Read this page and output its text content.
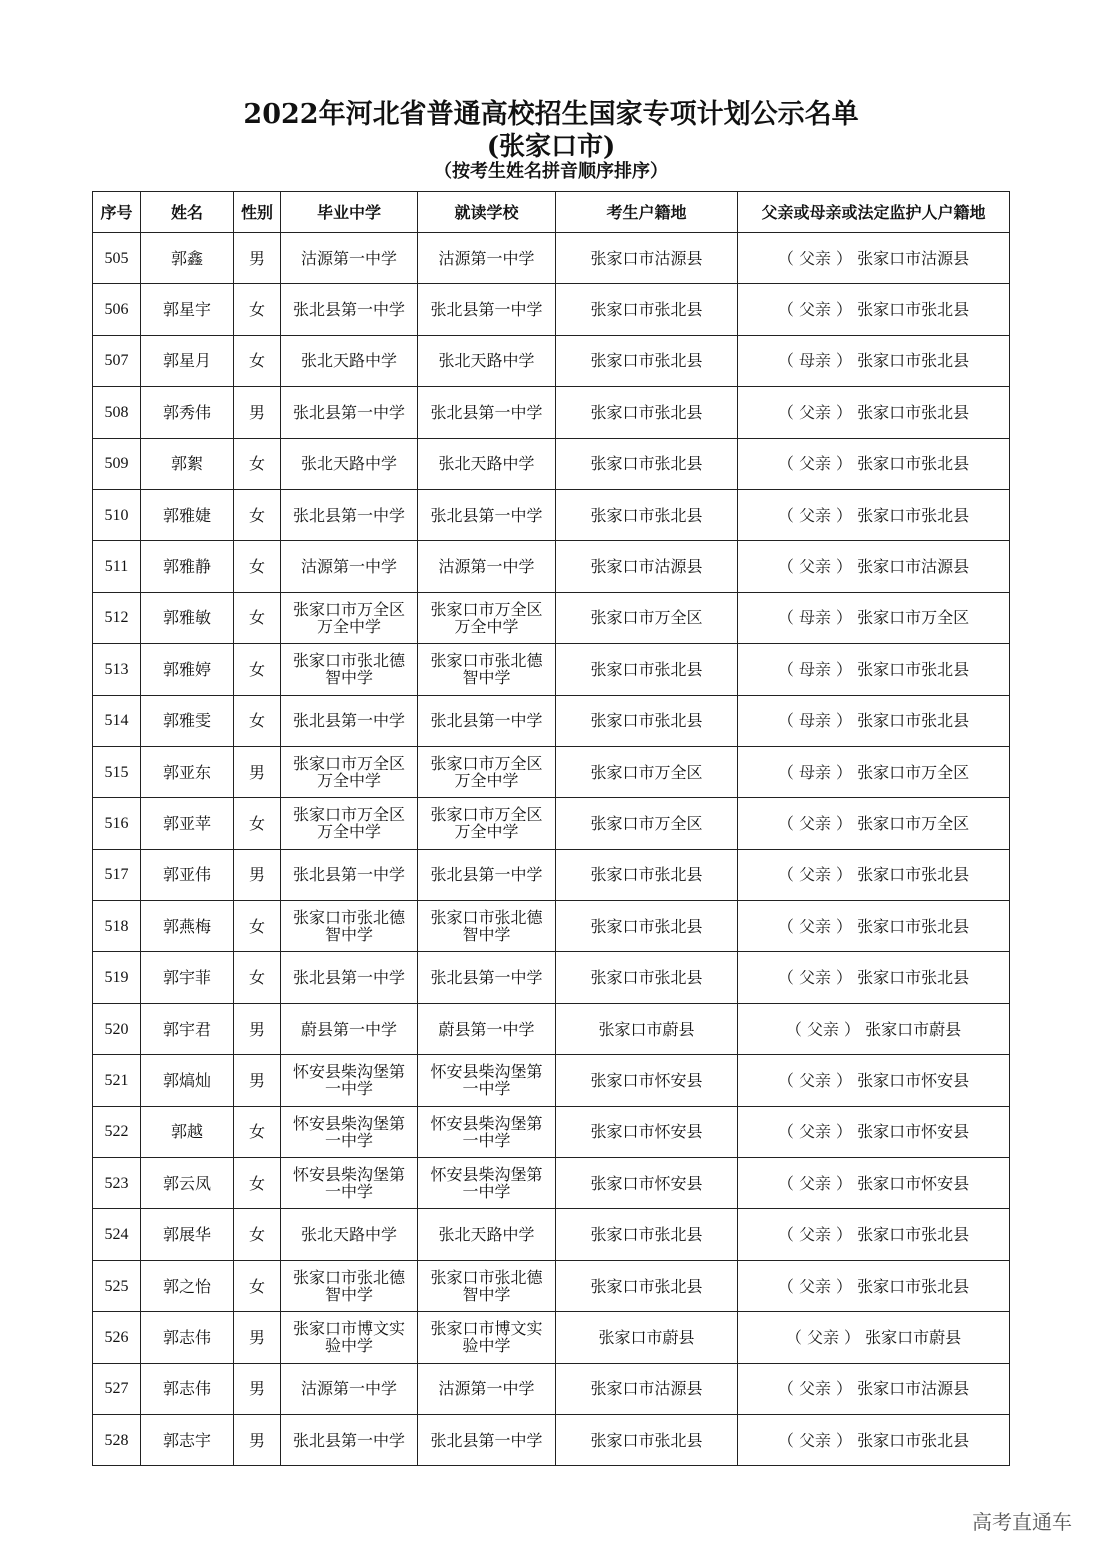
2022年河北省普通高校招生国家专项计划公示名单
(张家口市)
（按考生姓名拼音顺序排序）
序号	姓名	性别	毕业中学	就读学校	考生户籍地	父亲或母亲或法定监护人户籍地
505	郭鑫	男	沽源第一中学	沽源第一中学	张家口市沽源县	（ 父亲 ） 张家口市沽源县
506	郭星宇	女	张北县第一中学	张北县第一中学	张家口市张北县	（ 父亲 ） 张家口市张北县
507	郭星月	女	张北天路中学	张北天路中学	张家口市张北县	（ 母亲 ） 张家口市张北县
508	郭秀伟	男	张北县第一中学	张北县第一中学	张家口市张北县	（ 父亲 ） 张家口市张北县
509	郭絮	女	张北天路中学	张北天路中学	张家口市张北县	（ 父亲 ） 张家口市张北县
510	郭雅婕	女	张北县第一中学	张北县第一中学	张家口市张北县	（ 父亲 ） 张家口市张北县
511	郭雅静	女	沽源第一中学	沽源第一中学	张家口市沽源县	（ 父亲 ） 张家口市沽源县
512	郭雅敏	女	张家口市万全区万全中学	张家口市万全区万全中学	张家口市万全区	（ 母亲 ） 张家口市万全区
513	郭雅婷	女	张家口市张北德智中学	张家口市张北德智中学	张家口市张北县	（ 母亲 ） 张家口市张北县
514	郭雅雯	女	张北县第一中学	张北县第一中学	张家口市张北县	（ 母亲 ） 张家口市张北县
515	郭亚东	男	张家口市万全区万全中学	张家口市万全区万全中学	张家口市万全区	（ 母亲 ） 张家口市万全区
516	郭亚苹	女	张家口市万全区万全中学	张家口市万全区万全中学	张家口市万全区	（ 父亲 ） 张家口市万全区
517	郭亚伟	男	张北县第一中学	张北县第一中学	张家口市张北县	（ 父亲 ） 张家口市张北县
518	郭燕梅	女	张家口市张北德智中学	张家口市张北德智中学	张家口市张北县	（ 父亲 ） 张家口市张北县
519	郭宇菲	女	张北县第一中学	张北县第一中学	张家口市张北县	（ 父亲 ） 张家口市张北县
520	郭宇君	男	蔚县第一中学	蔚县第一中学	张家口市蔚县	（ 父亲 ） 张家口市蔚县
521	郭熇灿	男	怀安县柴沟堡第一中学	怀安县柴沟堡第一中学	张家口市怀安县	（ 父亲 ） 张家口市怀安县
522	郭越	女	怀安县柴沟堡第一中学	怀安县柴沟堡第一中学	张家口市怀安县	（ 父亲 ） 张家口市怀安县
523	郭云凤	女	怀安县柴沟堡第一中学	怀安县柴沟堡第一中学	张家口市怀安县	（ 父亲 ） 张家口市怀安县
524	郭展华	女	张北天路中学	张北天路中学	张家口市张北县	（ 父亲 ） 张家口市张北县
525	郭之怡	女	张家口市张北德智中学	张家口市张北德智中学	张家口市张北县	（ 父亲 ） 张家口市张北县
526	郭志伟	男	张家口市博文实验中学	张家口市博文实验中学	张家口市蔚县	（ 父亲 ） 张家口市蔚县
527	郭志伟	男	沽源第一中学	沽源第一中学	张家口市沽源县	（ 父亲 ） 张家口市沽源县
528	郭志宇	男	张北县第一中学	张北县第一中学	张家口市张北县	（ 父亲 ） 张家口市张北县
高考直通车
